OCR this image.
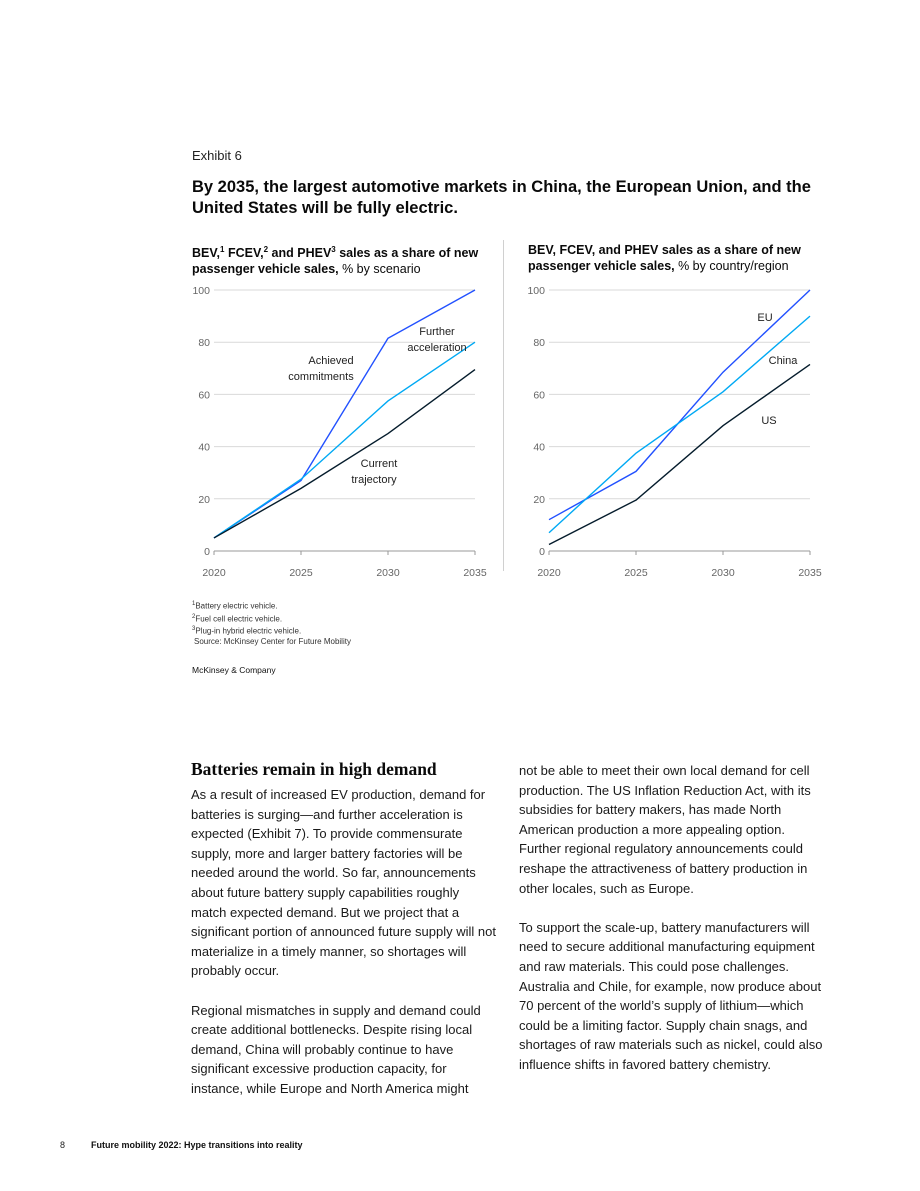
Exhibit 6
By 2035, the largest automotive markets in China, the European Union, and the United States will be fully electric.
BEV,$^1$ FCEV,$^2$ and PHEV$^3$ sales as a share of new passenger vehicle sales, % by scenario
BEV, FCEV, and PHEV sales as a share of new passenger vehicle sales, % by country/region
0
20
40
60
80
100
2020	2025	2030	2035
Further
acceleration
Achieved
commitments
Current
trajectory
0
20
40
60
80
100
2020	2025	2030	2035
EU
China
US
$^1$Battery electric vehicle.
$^2$Fuel cell electric vehicle.
$^3$Plug-in hybrid electric vehicle.
Source: McKinsey Center for Future Mobility
McKinsey & Company
Batteries remain in high demand

As a result of increased EV production, demand for batteries is surging—and further acceleration is expected (Exhibit 7). To provide commensurate supply, more and larger battery factories will be needed around the world. So far, announcements about future battery supply capabilities roughly match expected demand. But we project that a significant portion of announced future supply will not materialize in a timely manner, so shortages will probably occur.

Regional mismatches in supply and demand could create additional bottlenecks. Despite rising local demand, China will probably continue to have significant excessive production capacity, for instance, while Europe and North America might

not be able to meet their own local demand for cell production. The US Inflation Reduction Act, with its subsidies for battery makers, has made North American production a more appealing option. Further regional regulatory announcements could reshape the attractiveness of battery production in other locales, such as Europe.

To support the scale-up, battery manufacturers will need to secure additional manufacturing equipment and raw materials. This could pose challenges. Australia and Chile, for example, now produce about 70 percent of the world’s supply of lithium—which could be a limiting factor. Supply chain snags, and shortages of raw materials such as nickel, could also influence shifts in favored battery chemistry.

8	Future mobility 2022: Hype transitions into reality
